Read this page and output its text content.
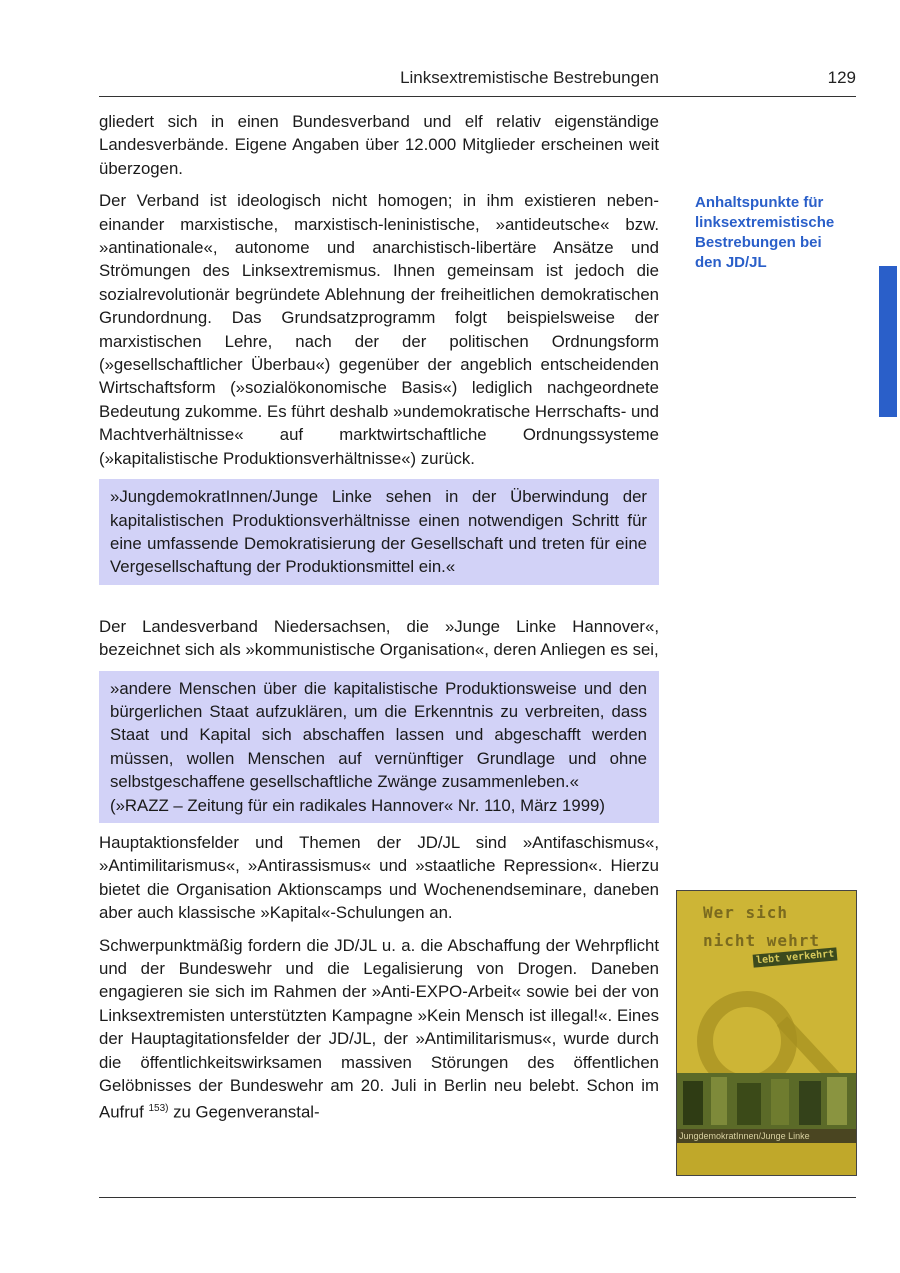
Linksextremistische Bestrebungen	129
Anhaltspunkte für
linksextremistische
Bestrebungen bei
den JD/JL

gliedert sich in einen Bundesverband und elf relativ eigenständige Landesverbände. Eigene Angaben über 12.000 Mitglieder erscheinen weit überzogen.

Der Verband ist ideologisch nicht homogen; in ihm existieren nebeneinander marxistische, marxistisch-leninistische, »antideutsche« bzw. »antinationale«, autonome und anarchistisch-libertäre Ansätze und Strömungen des Linksextremismus. Ihnen gemeinsam ist jedoch die sozialrevolutionär begründete Ablehnung der freiheitlichen demokratischen Grundordnung. Das Grundsatzprogramm folgt beispielsweise der marxistischen Lehre, nach der der politischen Ordnungsform (»gesellschaftlicher Überbau«) gegenüber der angeblich entscheidenden Wirtschaftsform (»sozialökonomische Basis«) lediglich nachgeordnete Bedeutung zukomme. Es führt deshalb »undemokratische Herrschafts- und Machtverhältnisse« auf marktwirtschaftliche Ordnungssysteme (»kapitalistische Produktionsverhältnisse«) zurück.

»JungdemokratInnen/Junge Linke sehen in der Überwindung der kapitalistischen Produktionsverhältnisse einen notwendigen Schritt für eine umfassende Demokratisierung der Gesellschaft und treten für eine Vergesellschaftung der Produktionsmittel ein.«

Der Landesverband Niedersachsen, die »Junge Linke Hannover«, bezeichnet sich als »kommunistische Organisation«, deren Anliegen es sei,

»andere Menschen über die kapitalistische Produktionsweise und den bürgerlichen Staat aufzuklären, um die Erkenntnis zu verbreiten, dass Staat und Kapital sich abschaffen lassen und abgeschafft werden müssen, wollen Menschen auf vernünftiger Grundlage und ohne selbstgeschaffene gesellschaftliche Zwänge zusammenleben.«

(»RAZZ – Zeitung für ein radikales Hannover« Nr. 110, März 1999)

Hauptaktionsfelder und Themen der JD/JL sind »Antifaschismus«, »Antimilitarismus«, »Antirassismus« und »staatliche Repression«. Hierzu bietet die Organisation Aktionscamps und Wochenendseminare, daneben aber auch klassische »Kapital«-Schulungen an.

Schwerpunktmäßig fordern die JD/JL u. a. die Abschaffung der Wehrpflicht und der Bundeswehr und die Legalisierung von Drogen. Daneben engagieren sie sich im Rahmen der »Anti-EXPO-Arbeit« sowie bei der von Linksextremisten unterstützten Kampagne »Kein Mensch ist illegal!«. Eines der Hauptagitationsfelder der JD/JL, der »Antimilitarismus«, wurde durch die öffentlichkeitswirksamen massiven Störungen des öffentlichen Gelöbnisses der Bundeswehr am 20. Juli in Berlin neu belebt. Schon im Aufruf $^{153)}$ zu Gegenveranstal-

Wer sich
nicht wehrt
lebt verkehrt
JungdemokratInnen/Junge Linke
